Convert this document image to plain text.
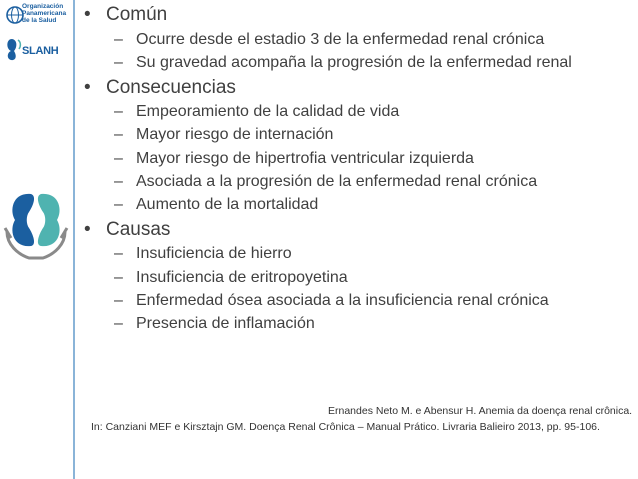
Organización
Panamericana
de la Salud
SLANH
• Común
– Ocurre desde el estadio 3 de la enfermedad renal crónica
– Su gravedad acompaña la progresión de la enfermedad renal
• Consecuencias
– Empeoramiento de la calidad de vida
– Mayor riesgo de internación
– Mayor riesgo de hipertrofia ventricular izquierda
– Asociada a la progresión de la enfermedad renal crónica
– Aumento de la mortalidad
• Causas
– Insuficiencia de hierro
– Insuficiencia de eritropoyetina
– Enfermedad ósea asociada a la insuficiencia renal crónica
– Presencia de inflamación
Ernandes Neto M. e Abensur H. Anemia da doença renal crônica.
In: Canziani MEF e Kirsztajn GM. Doença Renal Crônica – Manual Prático. Livraria Balieiro 2013, pp. 95-106.
